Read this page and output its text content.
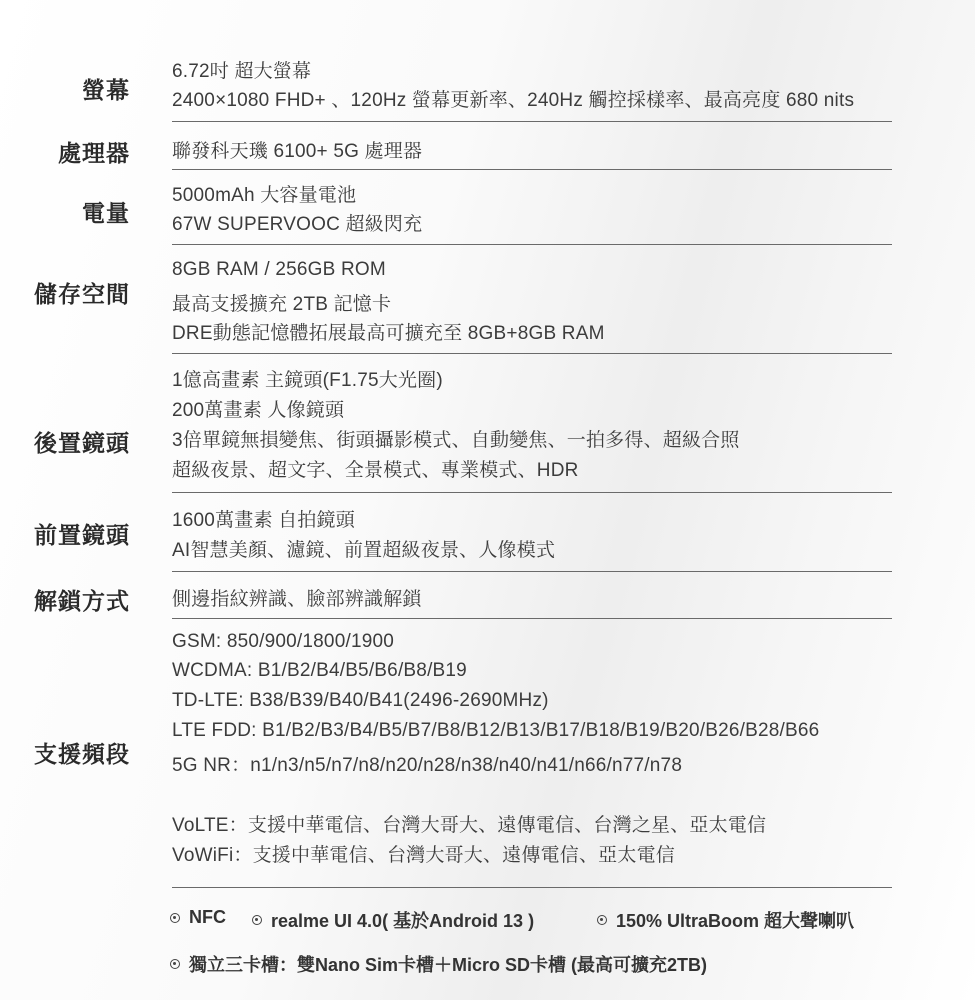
螢幕
6.72吋 超大螢幕
2400×1080 FHD+ 、120Hz 螢幕更新率、240Hz 觸控採樣率、最高亮度 680 nits
處理器 聯發科天璣 6100+ 5G 處理器
電量
5000mAh 大容量電池
67W SUPERVOOC 超級閃充
儲存空間
8GB RAM / 256GB ROM
最高支援擴充 2TB 記憶卡
DRE動態記憶體拓展最高可擴充至 8GB+8GB RAM
後置鏡頭
1億高畫素 主鏡頭(F1.75大光圈)
200萬畫素 人像鏡頭
3倍單鏡無損變焦、街頭攝影模式、自動變焦、一拍多得、超級合照
超級夜景、超文字、全景模式、專業模式、HDR
前置鏡頭
1600萬畫素 自拍鏡頭
AI智慧美顏、濾鏡、前置超級夜景、人像模式
解鎖方式 側邊指紋辨識、臉部辨識解鎖
支援頻段
GSM: 850/900/1800/1900
WCDMA: B1/B2/B4/B5/B6/B8/B19
TD-LTE: B38/B39/B40/B41(2496-2690MHz)
LTE FDD: B1/B2/B3/B4/B5/B7/B8/B12/B13/B17/B18/B19/B20/B26/B28/B66
5G NR：n1/n3/n5/n7/n8/n20/n28/n38/n40/n41/n66/n77/n78
VoLTE：支援中華電信、台灣大哥大、遠傳電信、台灣之星、亞太電信
VoWiFi：支援中華電信、台灣大哥大、遠傳電信、亞太電信
NFC	realme UI 4.0( 基於Android 13 )	150% UltraBoom 超大聲喇叭
獨立三卡槽：雙Nano Sim卡槽＋Micro SD卡槽 (最高可擴充2TB)
